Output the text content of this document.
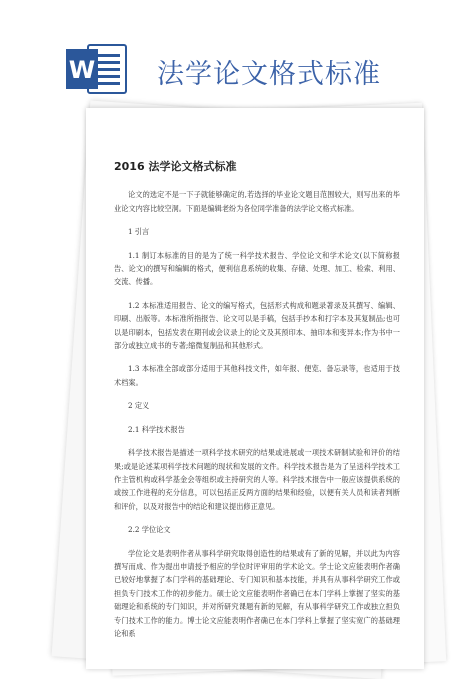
W 法学论文格式标准
2016 法学论文格式标准

论文的选定不是一下子就能够确定的,若选择的毕业论文题目范围较大，则写出来的毕业论文内容比较空洞。下面是编辑老纷为各位同学准备的法学论文格式标准。

1 引言

1.1 制订本标准的目的是为了统一科学技术报告、学位论文和学术论文(以下简称报告、论文)的撰写和编辑的格式，便利信息系统的收集、存储、处理、加工、检索、利用、交流、传播。

1.2 本标准适用报告、论文的编写格式，包括形式构成和题录著录及其撰写、编辑、印刷、出版等。本标准所指报告、论文可以是手稿，包括手抄本和打字本及其复制品;也可以是印刷本，包括发表在期刊或会议录上的论文及其预印本、抽印本和变异本;作为书中一部分或独立成书的专著;缩微复制品和其他形式。

1.3 本标准全部或部分适用于其他科技文件，如年报、便览、备忘录等，也适用于技术档案。

2 定义

2.1 科学技术报告

科学技术报告是描述一项科学技术研究的结果或进展或一项技术研制试验和评价的结果;或是论述某项科学技术问题的现状和发展的文件。科学技术报告是为了呈送科学技术工作主管机构或科学基金会等组织或主持研究的人等。科学技术报告中一般应该提供系统的或按工作进程的充分信息，可以包括正反两方面的结果和经验，以便有关人员和读者判断和评价，以及对报告中的结论和建议提出修正意见。

2.2 学位论文

学位论文是表明作者从事科学研究取得创造性的结果或有了新的见解，并以此为内容撰写而成、作为提出申请授予相应的学位时评审用的学术论文。学士论文应能表明作者确已较好地掌握了本门学科的基础理论、专门知识和基本技能，并具有从事科学研究工作或担负专门技术工作的初步能力。硕士论文应能表明作者确已在本门学科上掌握了坚实的基础理论和系统的专门知识，并对所研究课题有新的见解，有从事科学研究工作或独立担负专门技术工作的能力。博士论文应能表明作者确已在本门学科上掌握了坚实宽广的基础理论和系
